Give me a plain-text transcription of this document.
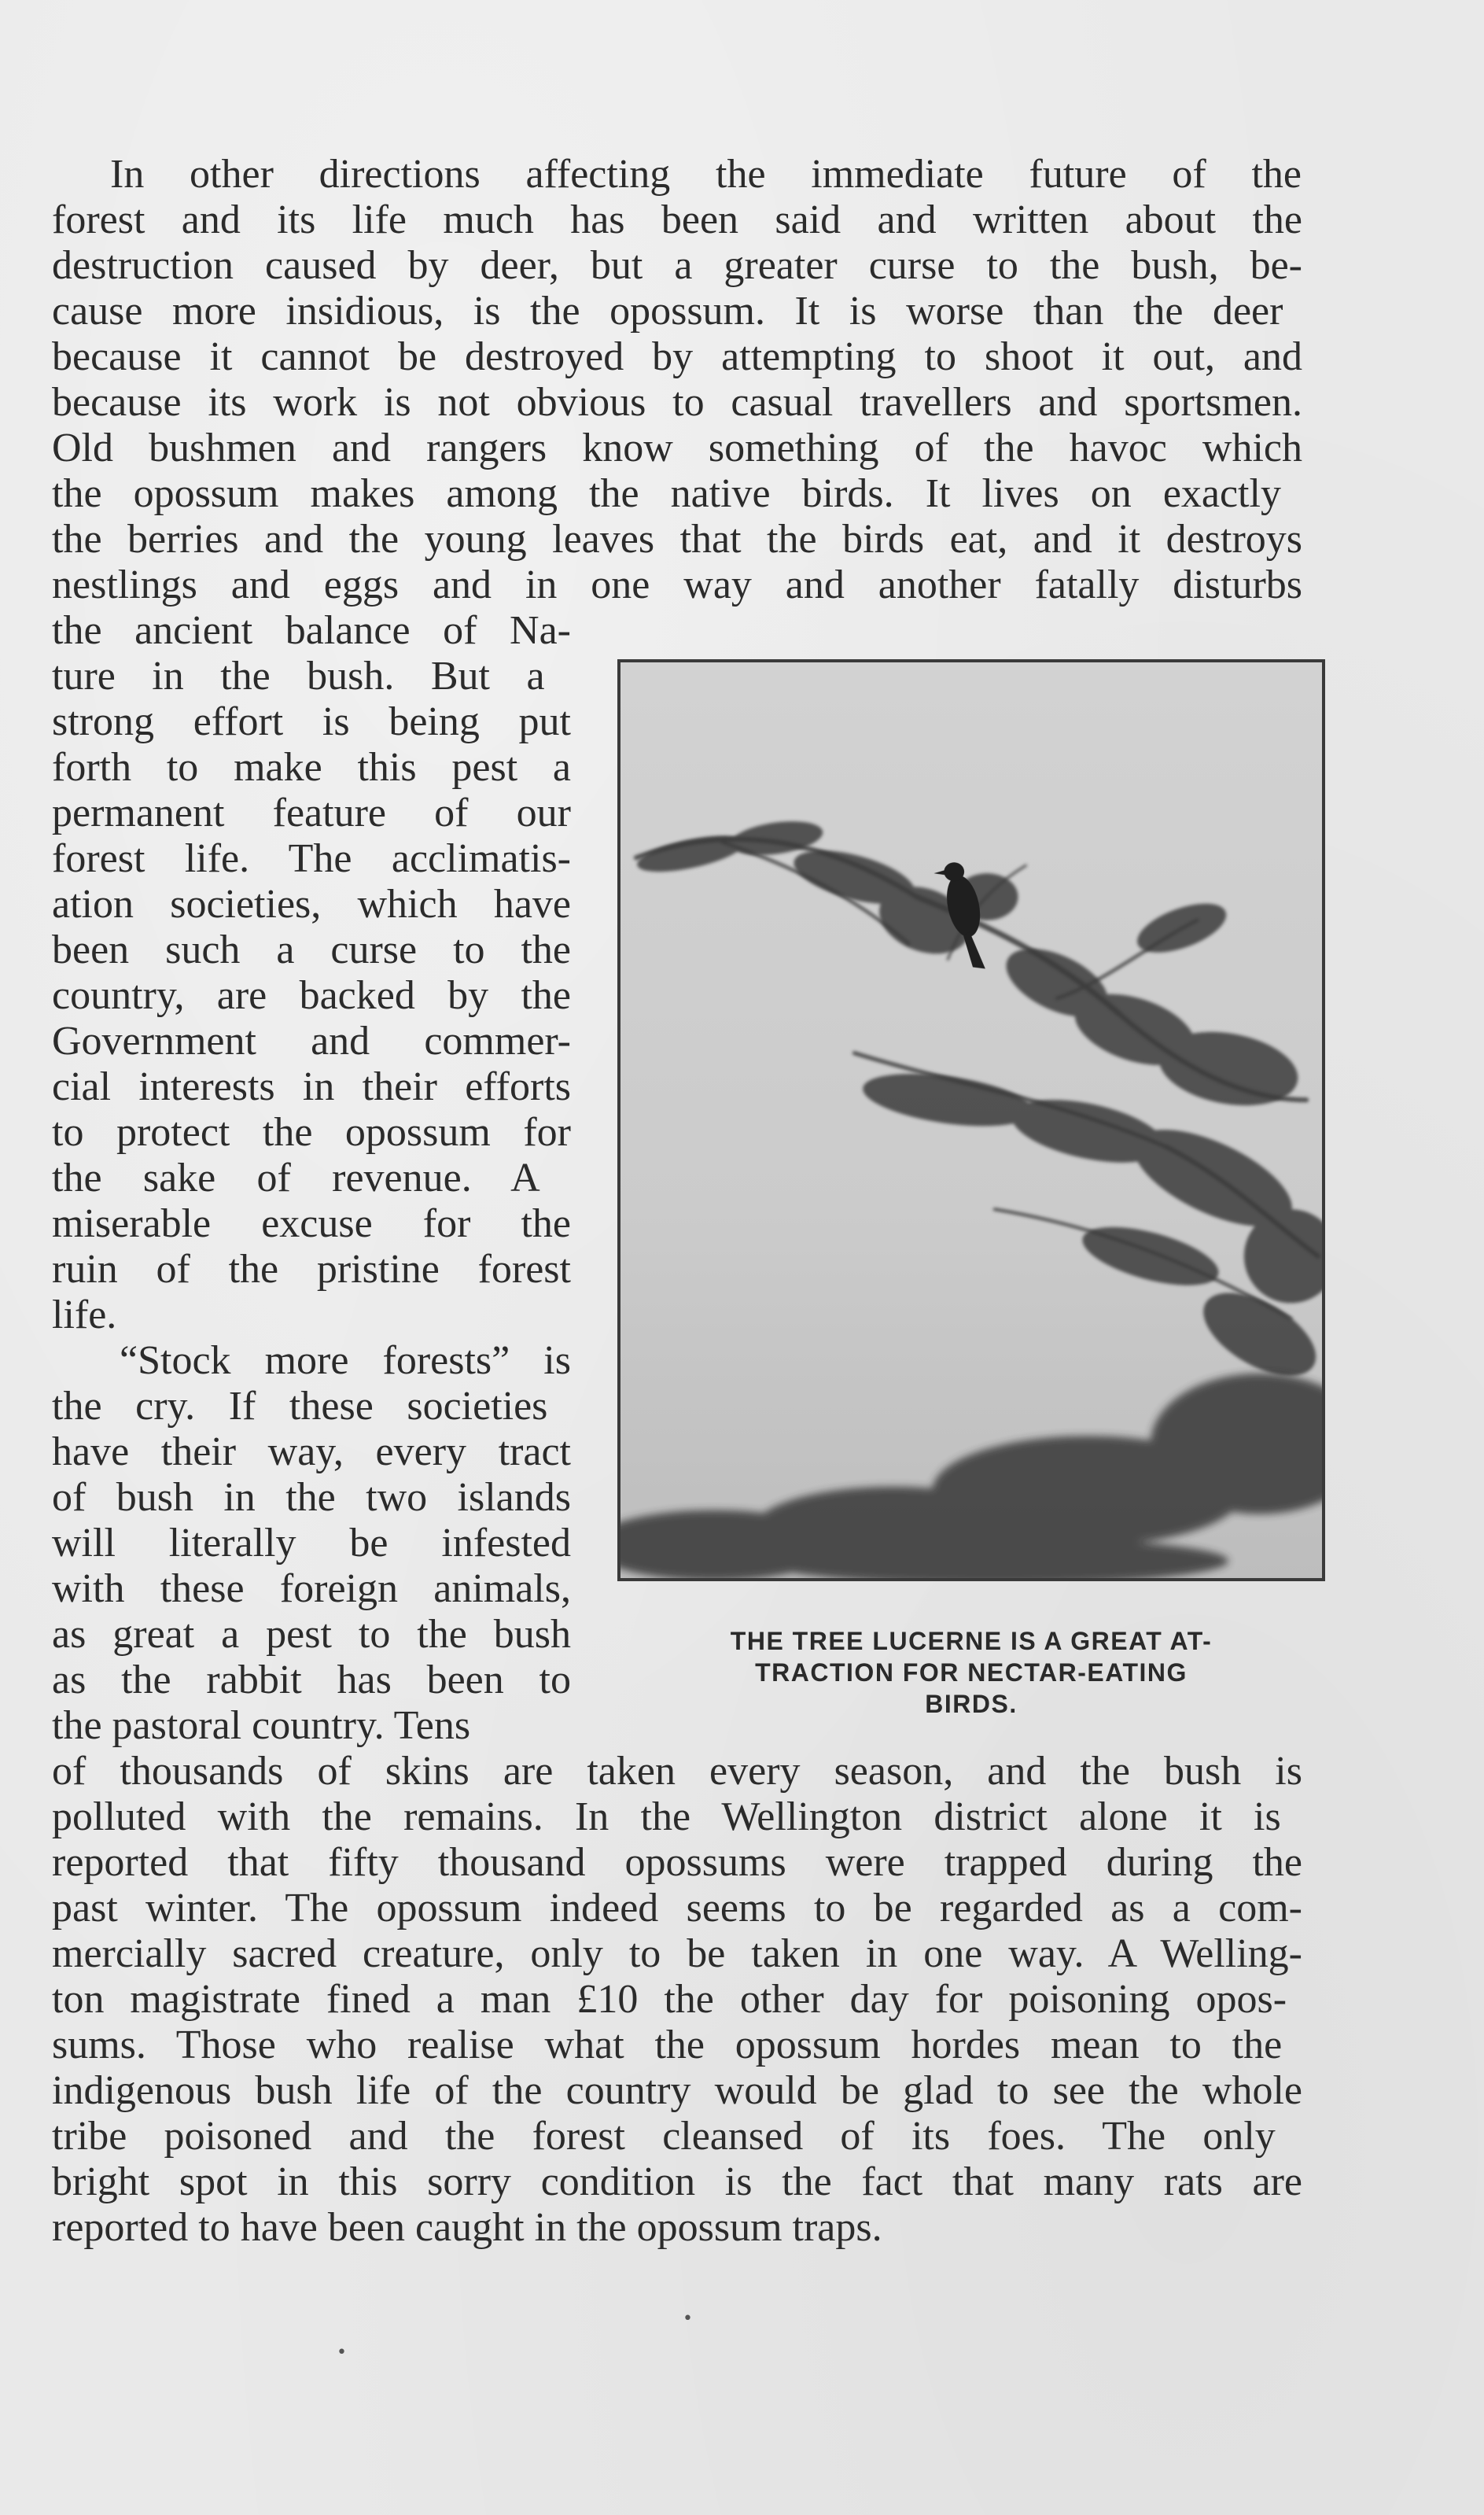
In other directions affecting the immediate future of the

forest and its life much has been said and written about the

destruction caused by deer, but a greater curse to the bush, be-

cause more insidious, is the opossum. It is worse than the deer

because it cannot be destroyed by attempting to shoot it out, and

because its work is not obvious to casual travellers and sportsmen.

Old bushmen and rangers know something of the havoc which

the opossum makes among the native birds. It lives on exactly

the berries and the young leaves that the birds eat, and it destroys

nestlings and eggs and in one way and another fatally disturbs

the ancient balance of Na-

ture in the bush. But a

strong effort is being put

forth to make this pest a

permanent feature of our

forest life. The acclimatis-

ation societies, which have

been such a curse to the

country, are backed by the

Government and commer-

cial interests in their efforts

to protect the opossum for

the sake of revenue. A

miserable excuse for the

ruin of the pristine forest

life.

“Stock more forests” is

the cry. If these societies

have their way, every tract

of bush in the two islands

will literally be infested

with these foreign animals,

as great a pest to the bush

as the rabbit has been to

the pastoral country. Tens

THE TREE LUCERNE IS A GREAT AT-

TRACTION FOR NECTAR-EATING

BIRDS.

of thousands of skins are taken every season, and the bush is

polluted with the remains. In the Wellington district alone it is

reported that fifty thousand opossums were trapped during the

past winter. The opossum indeed seems to be regarded as a com-

mercially sacred creature, only to be taken in one way. A Welling-

ton magistrate fined a man £10 the other day for poisoning opos-

sums. Those who realise what the opossum hordes mean to the

indigenous bush life of the country would be glad to see the whole

tribe poisoned and the forest cleansed of its foes. The only

bright spot in this sorry condition is the fact that many rats are

reported to have been caught in the opossum traps.

•
•
